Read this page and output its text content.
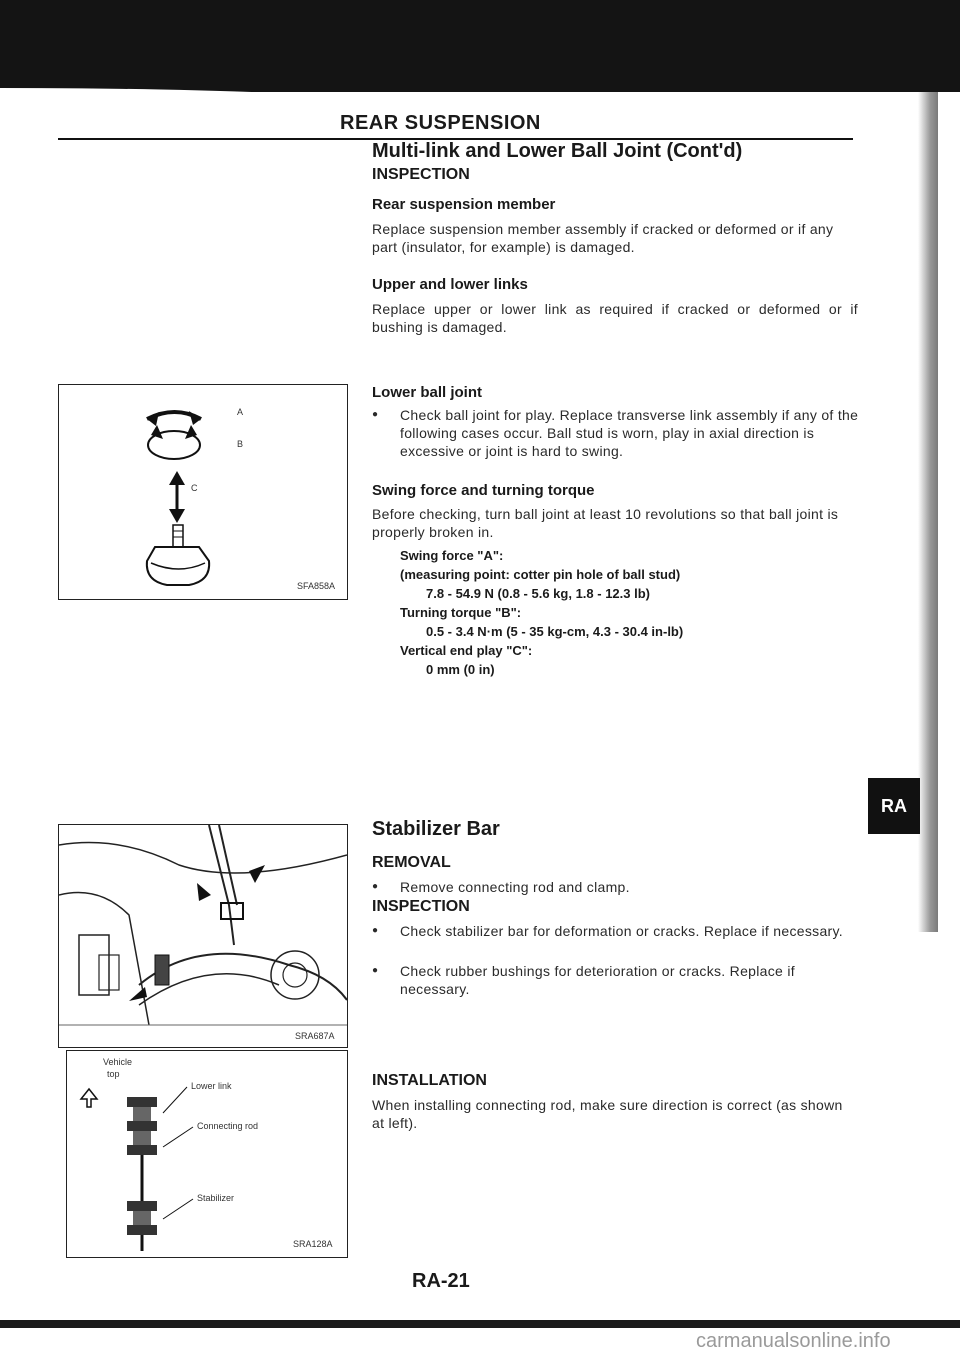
REAR SUSPENSION
Multi-link and Lower Ball Joint (Cont'd)
INSPECTION
Rear suspension member
Replace suspension member assembly if cracked or deformed or if any part (insulator, for example) is damaged.
Upper and lower links
Replace upper or lower link as required if cracked or deformed or if bushing is damaged.
Lower ball joint
● Check ball joint for play. Replace transverse link assembly if any of the following cases occur. Ball stud is worn, play in axial direction is excessive or joint is hard to swing.
Swing force and turning torque
Before checking, turn ball joint at least 10 revolutions so that ball joint is properly broken in.
Swing force "A":
(measuring point: cotter pin hole of ball stud)
7.8 - 54.9 N (0.8 - 5.6 kg, 1.8 - 12.3 lb)
Turning torque "B":
0.5 - 3.4 N·m (5 - 35 kg-cm, 4.3 - 30.4 in-lb)
Vertical end play "C":
0 mm (0 in)
A
B
C
SFA858A
RA
Stabilizer Bar
REMOVAL
● Remove connecting rod and clamp.
INSPECTION
● Check stabilizer bar for deformation or cracks. Replace if necessary.
● Check rubber bushings for deterioration or cracks. Replace if necessary.
INSTALLATION
When installing connecting rod, make sure direction is correct (as shown at left).
SRA687A
Vehicle
top
Lower link
Connecting rod
Stabilizer
SRA128A
RA-21
carmanualsonline.info
